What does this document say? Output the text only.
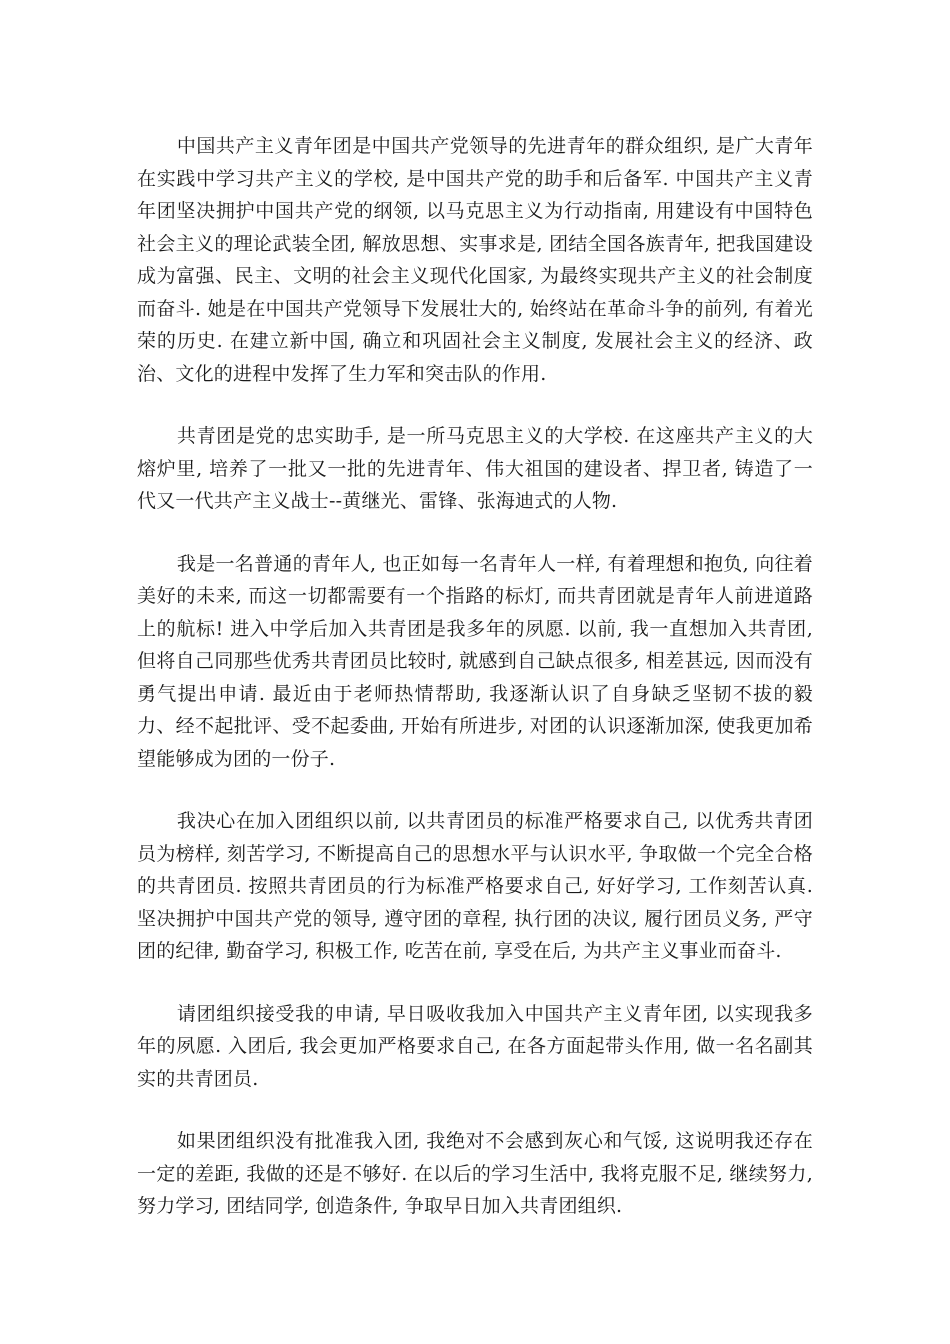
中国共产主义青年团是中国共产党领导的先进青年的群众组织, 是广大青年在实践中学习共产主义的学校, 是中国共产党的助手和后备军. 中国共产主义青年团坚决拥护中国共产党的纲领, 以马克思主义为行动指南, 用建设有中国特色社会主义的理论武装全团, 解放思想、实事求是, 团结全国各族青年, 把我国建设成为富强、民主、文明的社会主义现代化国家, 为最终实现共产主义的社会制度而奋斗. 她是在中国共产党领导下发展壮大的, 始终站在革命斗争的前列, 有着光荣的历史. 在建立新中国, 确立和巩固社会主义制度, 发展社会主义的经济、政治、文化的进程中发挥了生力军和突击队的作用.

共青团是党的忠实助手, 是一所马克思主义的大学校. 在这座共产主义的大熔炉里, 培养了一批又一批的先进青年、伟大祖国的建设者、捍卫者, 铸造了一代又一代共产主义战士--黄继光、雷锋、张海迪式的人物.

我是一名普通的青年人, 也正如每一名青年人一样, 有着理想和抱负, 向往着美好的未来, 而这一切都需要有一个指路的标灯, 而共青团就是青年人前进道路上的航标! 进入中学后加入共青团是我多年的夙愿. 以前, 我一直想加入共青团, 但将自己同那些优秀共青团员比较时, 就感到自己缺点很多, 相差甚远, 因而没有勇气提出申请. 最近由于老师热情帮助, 我逐渐认识了自身缺乏坚韧不拔的毅力、经不起批评、受不起委曲, 开始有所进步, 对团的认识逐渐加深, 使我更加希望能够成为团的一份子.

我决心在加入团组织以前, 以共青团员的标准严格要求自己, 以优秀共青团员为榜样, 刻苦学习, 不断提高自己的思想水平与认识水平, 争取做一个完全合格的共青团员. 按照共青团员的行为标准严格要求自己, 好好学习, 工作刻苦认真. 坚决拥护中国共产党的领导, 遵守团的章程, 执行团的决议, 履行团员义务, 严守团的纪律, 勤奋学习, 积极工作, 吃苦在前, 享受在后, 为共产主义事业而奋斗.

请团组织接受我的申请, 早日吸收我加入中国共产主义青年团, 以实现我多年的夙愿. 入团后, 我会更加严格要求自己, 在各方面起带头作用, 做一名名副其实的共青团员.

如果团组织没有批准我入团, 我绝对不会感到灰心和气馁, 这说明我还存在一定的差距, 我做的还是不够好. 在以后的学习生活中, 我将克服不足, 继续努力, 努力学习, 团结同学, 创造条件, 争取早日加入共青团组织.
